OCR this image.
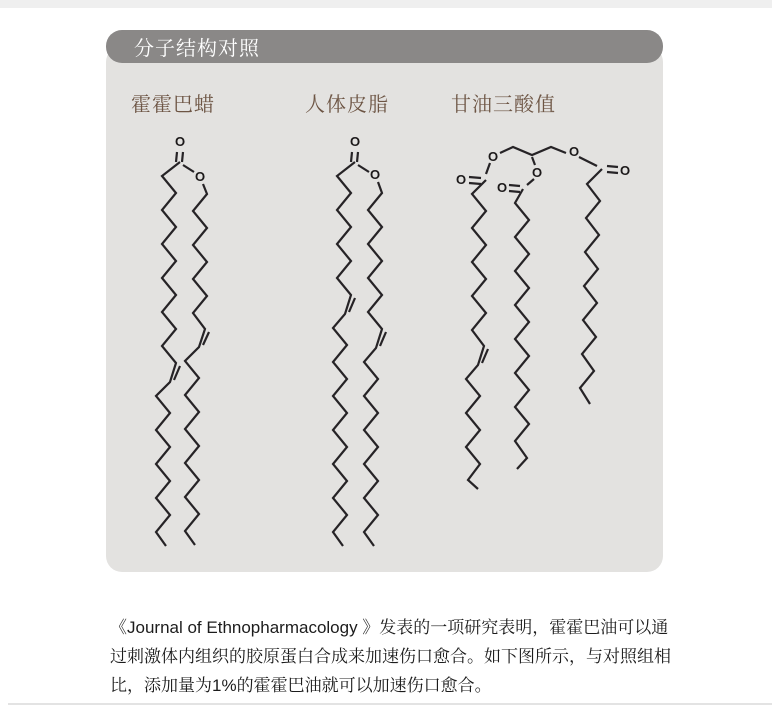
分子结构对照
霍霍巴蜡	人体皮脂	甘油三酸值
O
O
O
O
O	O
O
O
O
O
《Journal of Ethnopharmacology 》发表的一项研究表明，霍霍巴油可以通
过刺激体内组织的胶原蛋白合成来加速伤口愈合。如下图所示，与对照组相
比，添加量为1%的霍霍巴油就可以加速伤口愈合。
